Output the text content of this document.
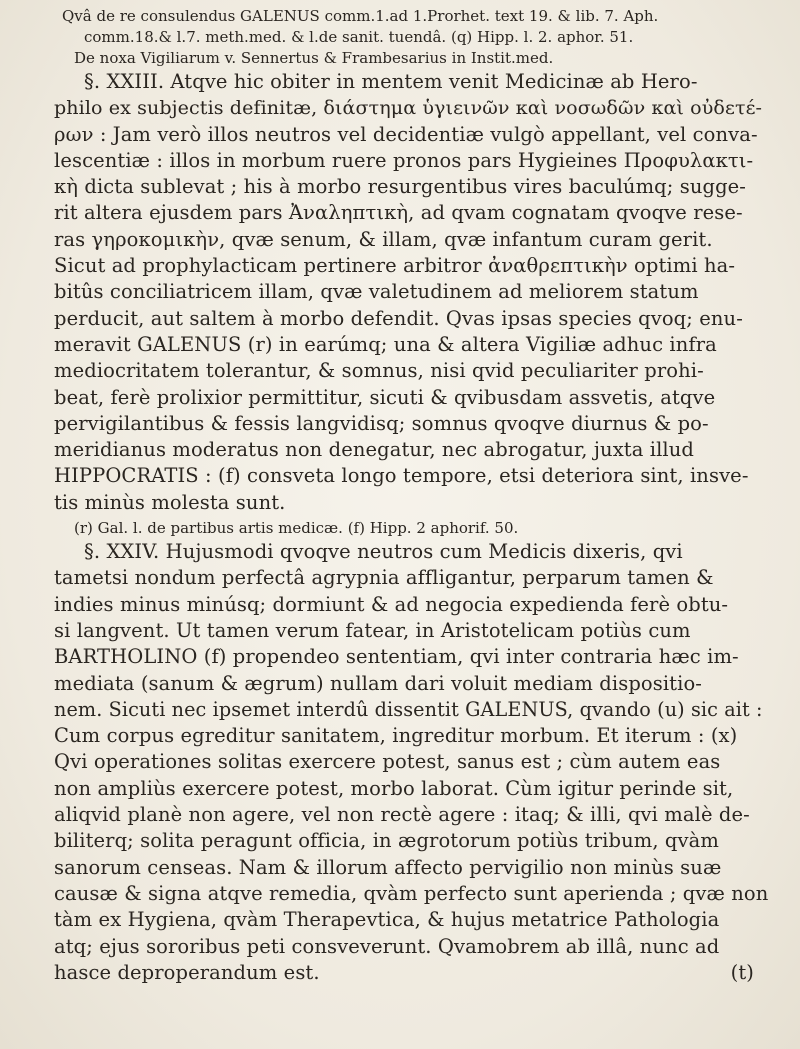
Qvâ de re consulendus GALENUS comm.1.ad 1.Prorhet. text 19. & lib. 7. Aph.
comm.18.& l.7. meth.med. & l.de sanit. tuendâ. (q) Hipp. l. 2. aphor. 51.
De noxa Vigiliarum v. Sennertus & Frambesarius in Instit.med.
§. XXIII. Atqve hic obiter in mentem venit Medicinæ ab Hero-
philo ex subjectis definitæ, διάστημα ὑγιεινῶν καὶ νοσωδῶν καὶ οὐδετέ-
ρων : Jam verò illos neutros vel decidentiæ vulgò appellant, vel conva-
lescentiæ : illos in morbum ruere pronos pars Hygieines Προφυλακτι-
κὴ dicta sublevat ; his à morbo resurgentibus vires baculúmq; sugge-
rit altera ejusdem pars Ἀναληπτικὴ, ad qvam cognatam qvoqve rese-
ras γηροκομικὴν, qvæ senum, & illam, qvæ infantum curam gerit.
Sicut ad prophylacticam pertinere arbitror ἀναθρεπτικὴν optimi ha-
bitûs conciliatricem illam, qvæ valetudinem ad meliorem statum
perducit, aut saltem à morbo defendit. Qvas ipsas species qvoq; enu-
meravit GALENUS (r) in earúmq; una & altera Vigiliæ adhuc infra
mediocritatem tolerantur, & somnus, nisi qvid peculiariter prohi-
beat, ferè prolixior permittitur, sicuti & qvibusdam assvetis, atqve
pervigilantibus & fessis langvidisq; somnus qvoqve diurnus & po-
meridianus moderatus non denegatur, nec abrogatur, juxta illud
HIPPOCRATIS : (f) consveta longo tempore, etsi deteriora sint, insve-
tis minùs molesta sunt.
(r) Gal. l. de partibus artis medicæ. (f) Hipp. 2 aphorif. 50.
§. XXIV. Hujusmodi qvoqve neutros cum Medicis dixeris, qvi
tametsi nondum perfectâ agrypnia affligantur, perparum tamen &
indies minus minúsq; dormiunt & ad negocia expedienda ferè obtu-
si langvent. Ut tamen verum fatear, in Aristotelicam potiùs cum
BARTHOLINO (f) propendeo sententiam, qvi inter contraria hæc im-
mediata (sanum & ægrum) nullam dari voluit mediam dispositio-
nem. Sicuti nec ipsemet interdû dissentit GALENUS, qvando (u) sic ait :
Cum corpus egreditur sanitatem, ingreditur morbum. Et iterum : (x)
Qvi operationes solitas exercere potest, sanus est ; cùm autem eas
non ampliùs exercere potest, morbo laborat. Cùm igitur perinde sit,
aliqvid planè non agere, vel non rectè agere : itaq; & illi, qvi malè de-
biliterq; solita peragunt officia, in ægrotorum potiùs tribum, qvàm
sanorum censeas. Nam & illorum affecto pervigilio non minùs suæ
causæ & signa atqve remedia, qvàm perfecto sunt aperienda ; qvæ non
tàm ex Hygiena, qvàm Therapevtica, & hujus metatrice Pathologia
atq; ejus sororibus peti consveverunt. Qvamobrem ab illâ, nunc ad
hasce deproperandum est.	(t)
